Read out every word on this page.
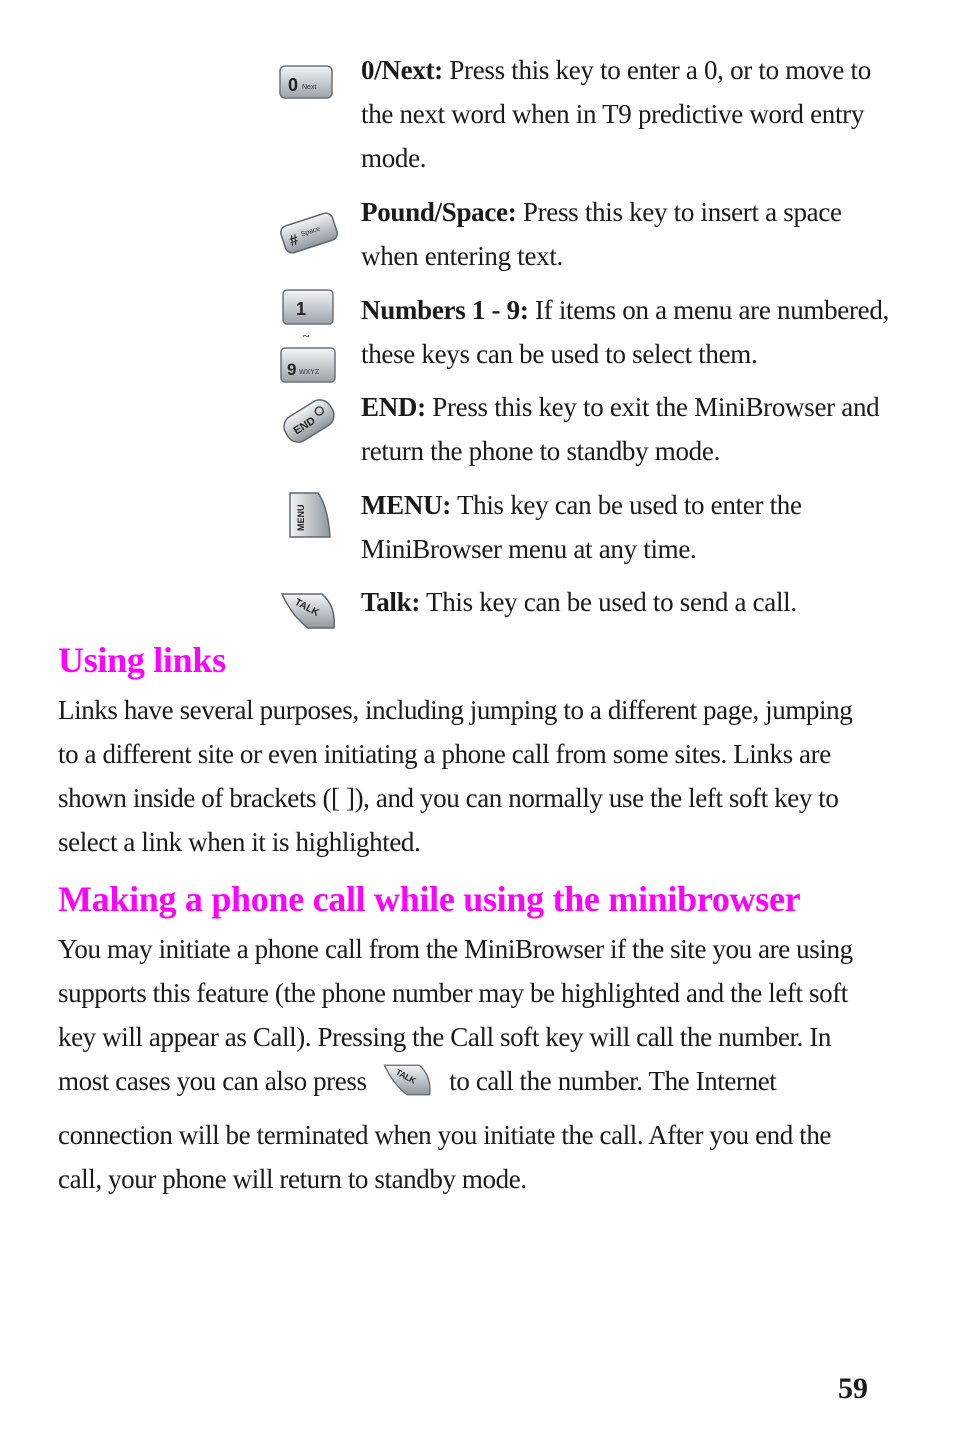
0 Next
0/Next: Press this key to enter a 0, or to move to the next word when in T9 predictive word entry mode.
# Space
Pound/Space: Press this key to insert a space when entering text.
1
~
9 WXYZ
Numbers 1 - 9: If items on a menu are numbered, these keys can be used to select them.
END
END: Press this key to exit the MiniBrowser and return the phone to standby mode.
MENU MENU: This key can be used to enter the MiniBrowser menu at any time.
TALK Talk: This key can be used to send a call.
Using links

Links have several purposes, including jumping to a different page, jumping to a different site or even initiating a phone call from some sites. Links are shown inside of brackets ([ ]), and you can normally use the left soft key to select a link when it is highlighted.

Making a phone call while using the minibrowser

You may initiate a phone call from the MiniBrowser if the site you are using supports this feature (the phone number may be highlighted and the left soft key will appear as Call). Pressing the Call soft key will call the number. In most cases you can also press	TALK to call the number. The Internet connection will be terminated when you initiate the call. After you end the call, your phone will return to standby mode.

59
